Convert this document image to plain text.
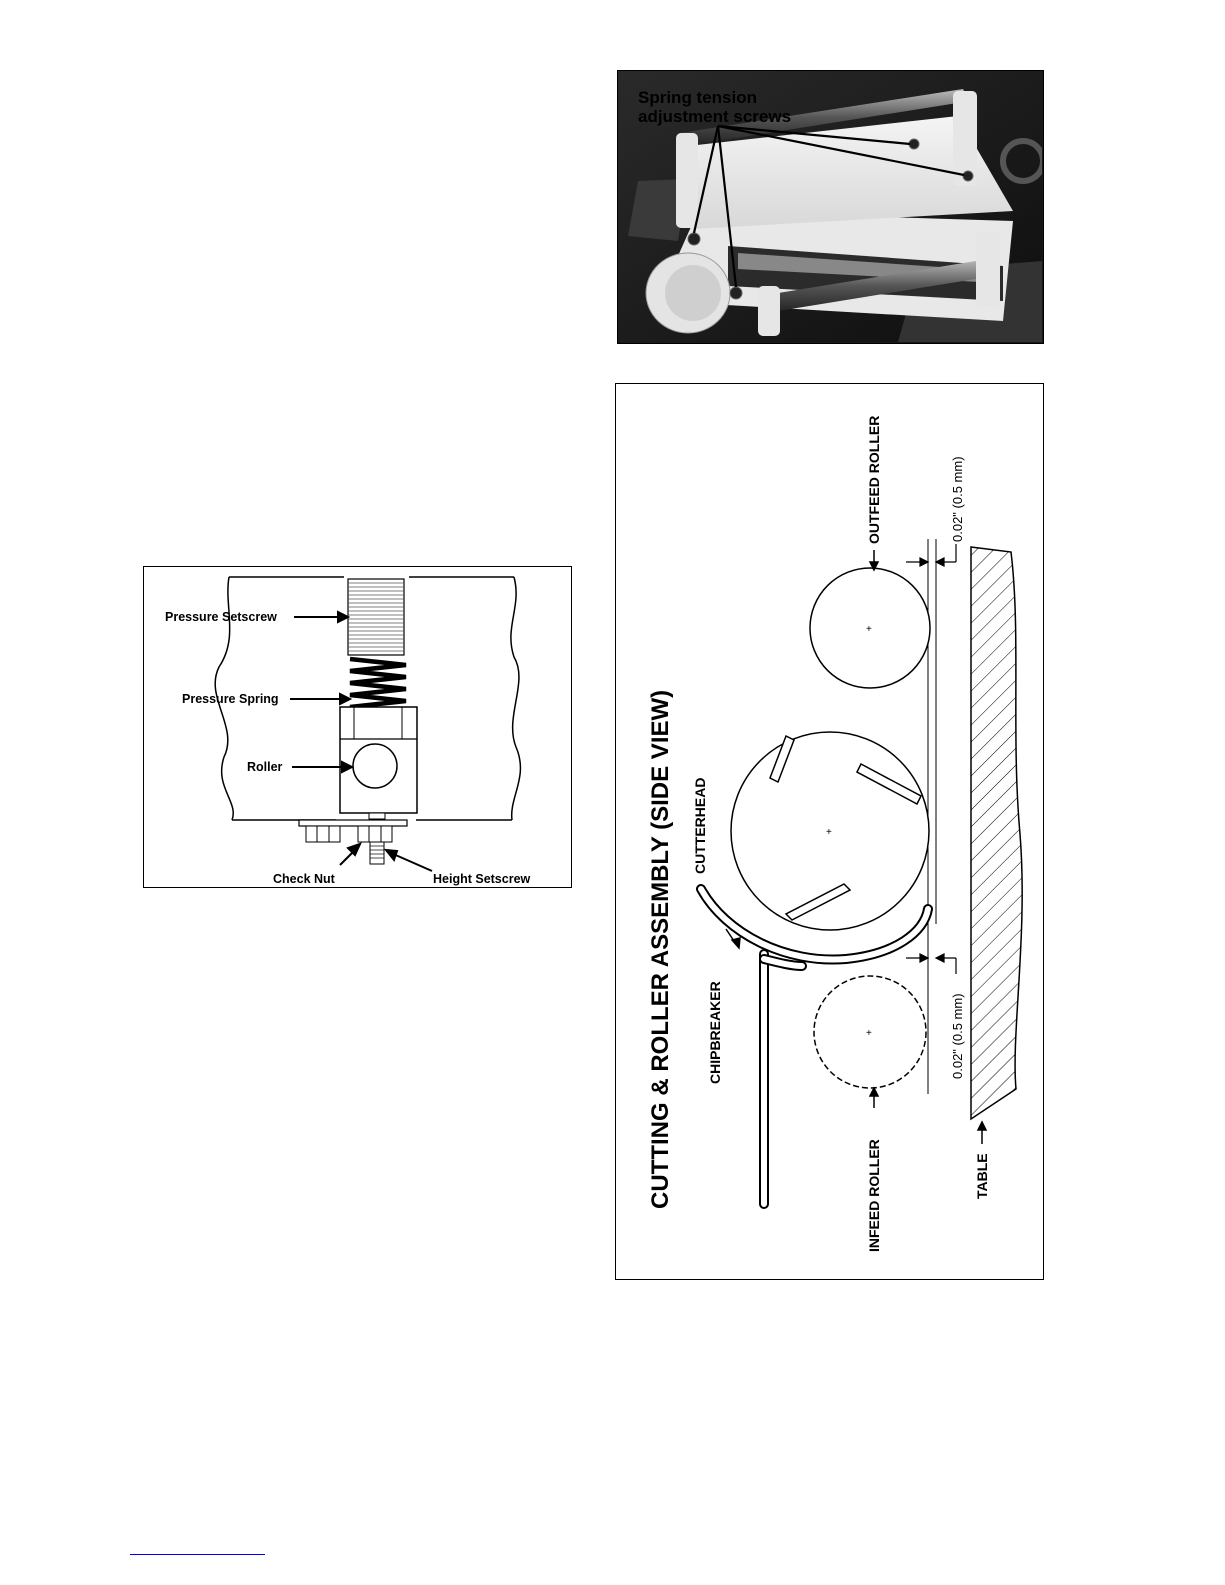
Spring tension
adjustment screws
Pressure Setscrew
Pressure Spring
Roller
Check Nut	Height Setscrew	CUTTING & ROLLER ASSEMBLY (SIDE VIEW)
+
+
+
OUTFEED ROLLER	0.02" (0.5 mm)
CUTTERHEAD
CHIPBREAKER	0.02" (0.5 mm)
INFEED ROLLER	TABLE
